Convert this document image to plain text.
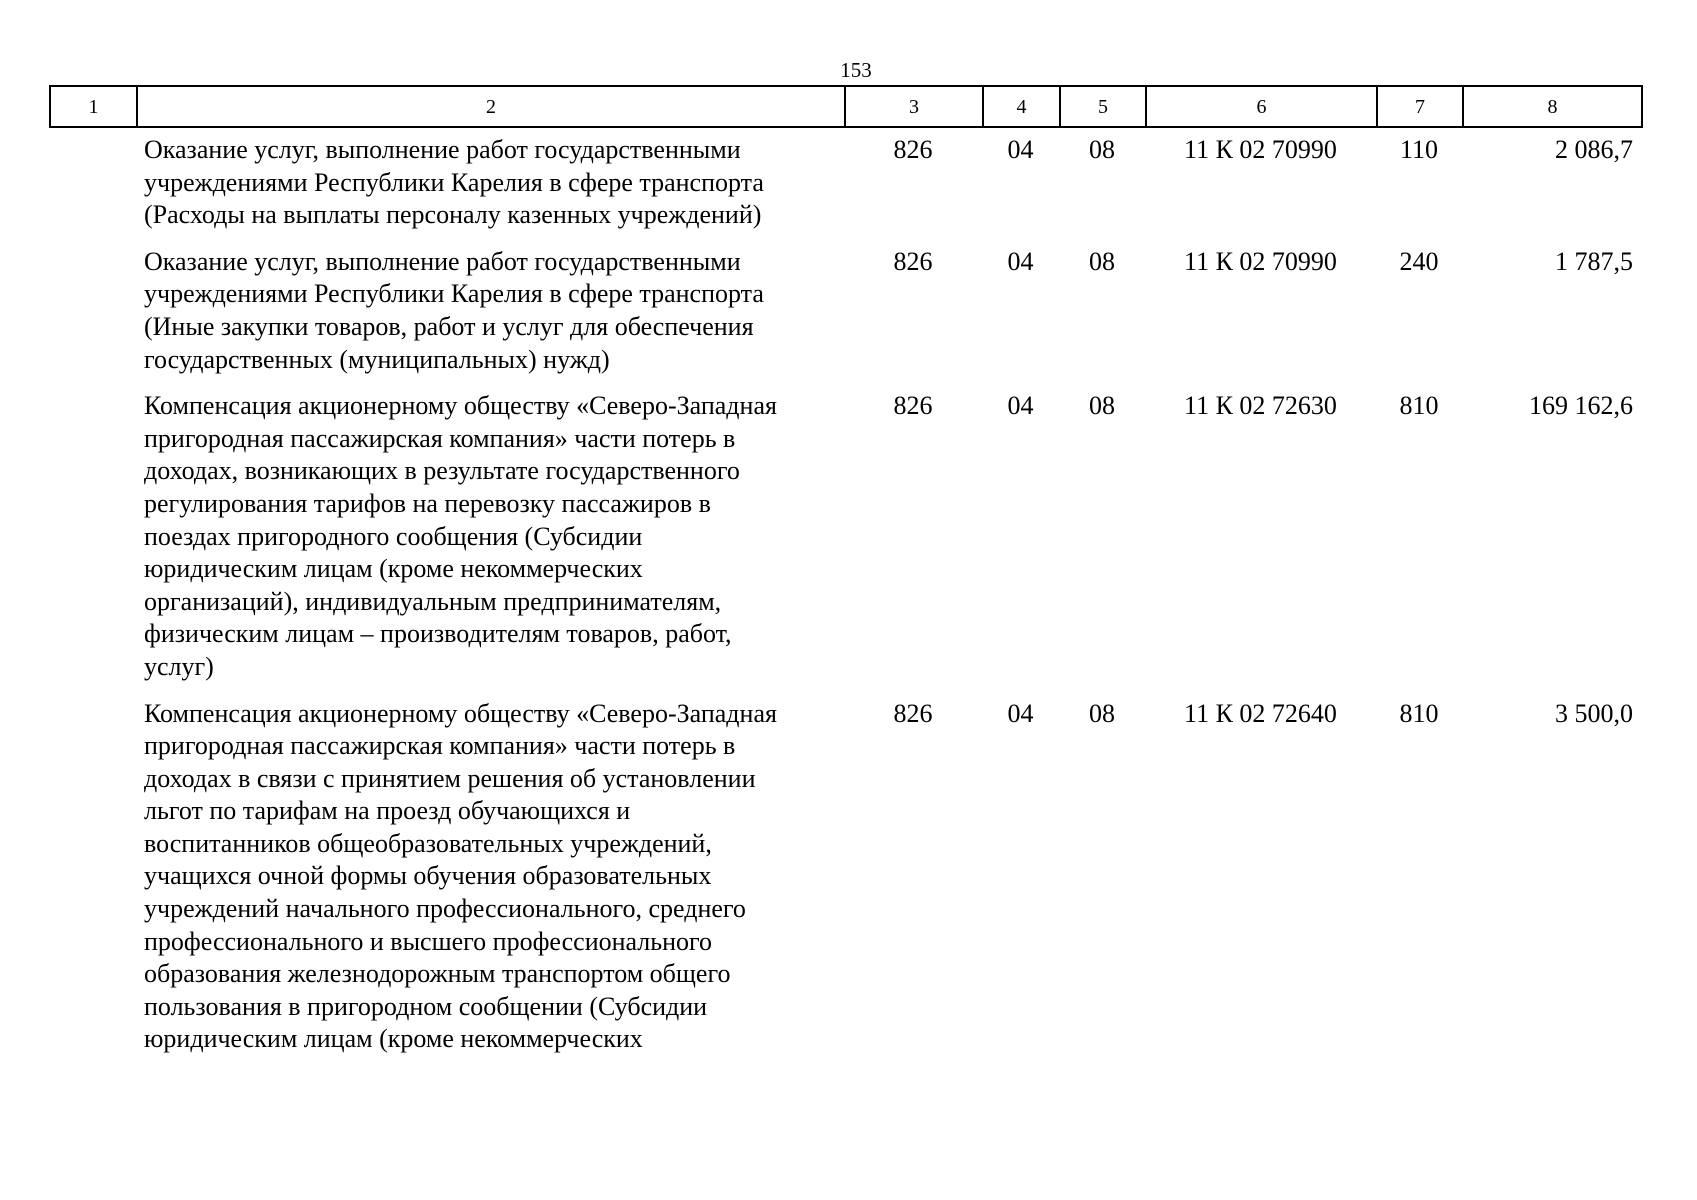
153
1	2	3	4	5	6	7	8
Оказание услуг, выполнение работ государственными
учреждениями Республики Карелия в сфере транспорта
(Расходы на выплаты персоналу казенных учреждений)
826	04	08	11 К 02 70990	110	2 086,7
Оказание услуг, выполнение работ государственными
учреждениями Республики Карелия в сфере транспорта
(Иные закупки товаров, работ и услуг для обеспечения
государственных (муниципальных) нужд)
826	04	08	11 К 02 70990	240	1 787,5
Компенсация акционерному обществу «Северо-Западная
пригородная пассажирская компания» части потерь в
доходах, возникающих в результате государственного
регулирования тарифов на перевозку пассажиров в
поездах пригородного сообщения (Субсидии
юридическим лицам (кроме некоммерческих
организаций), индивидуальным предпринимателям,
физическим лицам – производителям товаров, работ,
услуг)
826	04	08	11 К 02 72630	810	169 162,6
Компенсация акционерному обществу «Северо-Западная
пригородная пассажирская компания» части потерь в
доходах в связи с принятием решения об установлении
льгот по тарифам на проезд обучающихся и
воспитанников общеобразовательных учреждений,
учащихся очной формы обучения образовательных
учреждений начального профессионального, среднего
профессионального и высшего профессионального
образования железнодорожным транспортом общего
пользования в пригородном сообщении (Субсидии
юридическим лицам (кроме некоммерческих
826	04	08	11 К 02 72640	810	3 500,0
